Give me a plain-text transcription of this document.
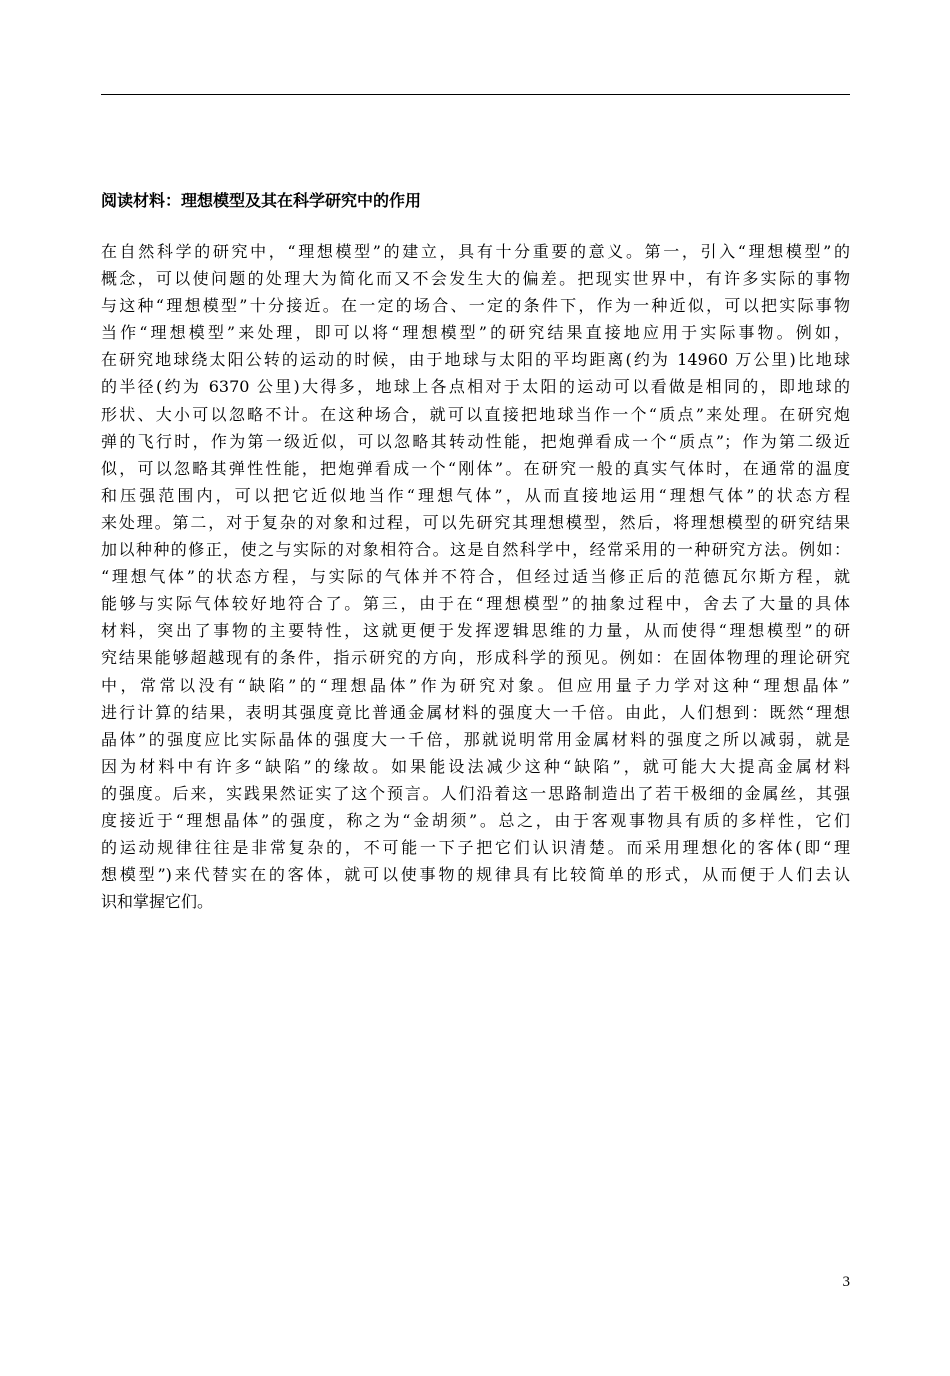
阅读材料：理想模型及其在科学研究中的作用
在自然科学的研究中，“理想模型”的建立，具有十分重要的意义。第一，引入“理想模型”的
概念，可以使问题的处理大为简化而又不会发生大的偏差。把现实世界中，有许多实际的事物
与这种“理想模型”十分接近。在一定的场合、一定的条件下，作为一种近似，可以把实际事物
当作“理想模型”来处理，即可以将“理想模型”的研究结果直接地应用于实际事物。例如，
在研究地球绕太阳公转的运动的时候，由于地球与太阳的平均距离(约为 14960 万公里)比地球
的半径(约为 6370 公里)大得多，地球上各点相对于太阳的运动可以看做是相同的，即地球的
形状、大小可以忽略不计。在这种场合，就可以直接把地球当作一个“质点”来处理。在研究炮
弹的飞行时，作为第一级近似，可以忽略其转动性能，把炮弹看成一个“质点”；作为第二级近
似，可以忽略其弹性性能，把炮弹看成一个“刚体”。在研究一般的真实气体时，在通常的温度
和压强范围内，可以把它近似地当作“理想气体”，从而直接地运用“理想气体”的状态方程
来处理。第二，对于复杂的对象和过程，可以先研究其理想模型，然后，将理想模型的研究结果
加以种种的修正，使之与实际的对象相符合。这是自然科学中，经常采用的一种研究方法。例如：
“理想气体”的状态方程，与实际的气体并不符合，但经过适当修正后的范德瓦尔斯方程，就
能够与实际气体较好地符合了。第三，由于在“理想模型”的抽象过程中，舍去了大量的具体
材料，突出了事物的主要特性，这就更便于发挥逻辑思维的力量，从而使得“理想模型”的研
究结果能够超越现有的条件，指示研究的方向，形成科学的预见。例如：在固体物理的理论研究
中，常常以没有“缺陷”的“理想晶体”作为研究对象。但应用量子力学对这种“理想晶体”
进行计算的结果，表明其强度竟比普通金属材料的强度大一千倍。由此，人们想到：既然“理想
晶体”的强度应比实际晶体的强度大一千倍，那就说明常用金属材料的强度之所以减弱，就是
因为材料中有许多“缺陷”的缘故。如果能设法减少这种“缺陷”，就可能大大提高金属材料
的强度。后来，实践果然证实了这个预言。人们沿着这一思路制造出了若干极细的金属丝，其强
度接近于“理想晶体”的强度，称之为“金胡须”。总之，由于客观事物具有质的多样性，它们
的运动规律往往是非常复杂的，不可能一下子把它们认识清楚。而采用理想化的客体(即“理
想模型”)来代替实在的客体，就可以使事物的规律具有比较简单的形式，从而便于人们去认
识和掌握它们。
3
